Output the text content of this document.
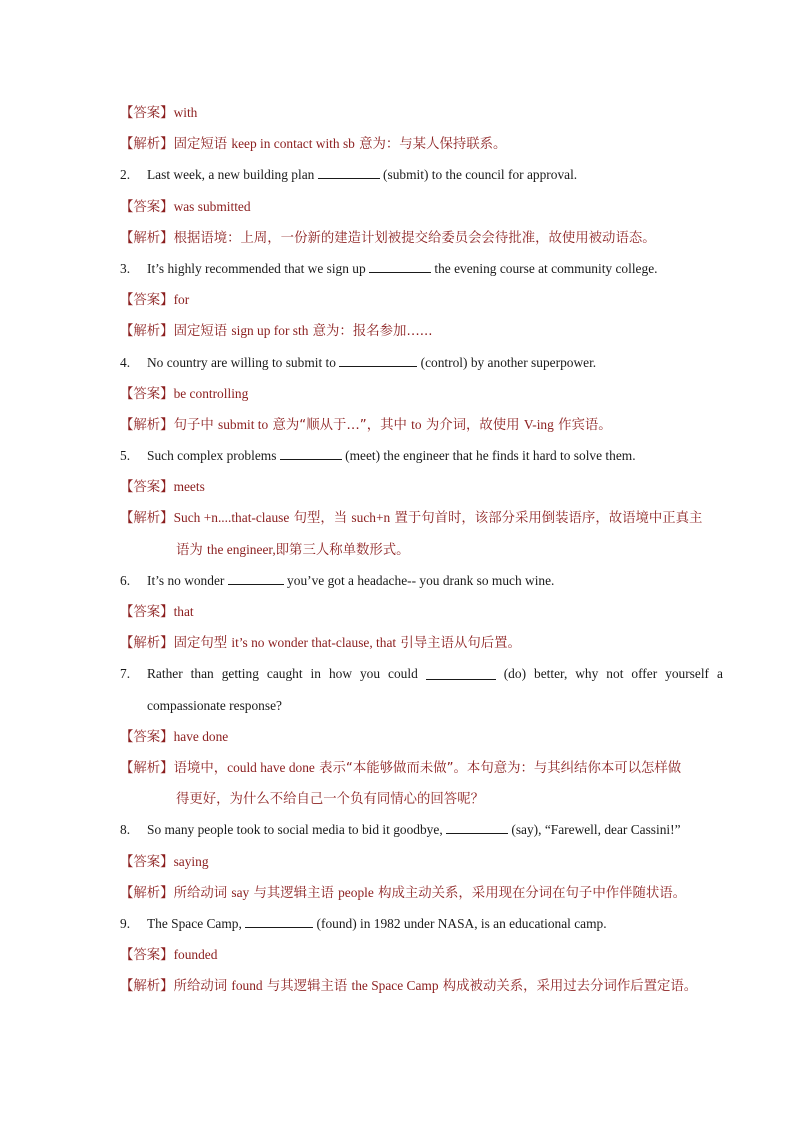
【答案】with
【解析】固定短语 keep in contact with sb 意为：与某人保持联系。
2. Last week, a new building plan	(submit) to the council for approval.
【答案】was submitted
【解析】根据语境：上周，一份新的建造计划被提交给委员会会待批准，故使用被动语态。
3. It’s highly recommended that we sign up	the evening course at community college.
【答案】for
【解析】固定短语 sign up for sth 意为：报名参加…...
4. No country are willing to submit to	(control) by another superpower.
【答案】be controlling
【解析】句子中 submit to 意为“顺从于…”，其中 to 为介词，故使用 V-ing 作宾语。
5. Such complex problems	(meet) the engineer that he finds it hard to solve them.
【答案】meets
【解析】Such +n....that-clause 句型，当 such+n 置于句首时，该部分采用倒装语序，故语境中正真主
语为 the engineer,即第三人称单数形式。
6. It’s no wonder	you’ve got a headache-- you drank so much wine.
【答案】that
【解析】固定句型 it’s no wonder that-clause, that 引导主语从句后置。
7. Rather than getting caught in how you could	(do) better, why not offer yourself a
compassionate response?
【答案】have done
【解析】语境中，could have done 表示“本能够做而未做”。本句意为：与其纠结你本可以怎样做
得更好，为什么不给自己一个负有同情心的回答呢？
8. So many people took to social media to bid it goodbye,	(say), “Farewell, dear Cassini!”
【答案】saying
【解析】所给动词 say 与其逻辑主语 people 构成主动关系，采用现在分词在句子中作伴随状语。
9. The Space Camp,	(found) in 1982 under NASA, is an educational camp.
【答案】founded
【解析】所给动词 found 与其逻辑主语 the Space Camp 构成被动关系，采用过去分词作后置定语。
